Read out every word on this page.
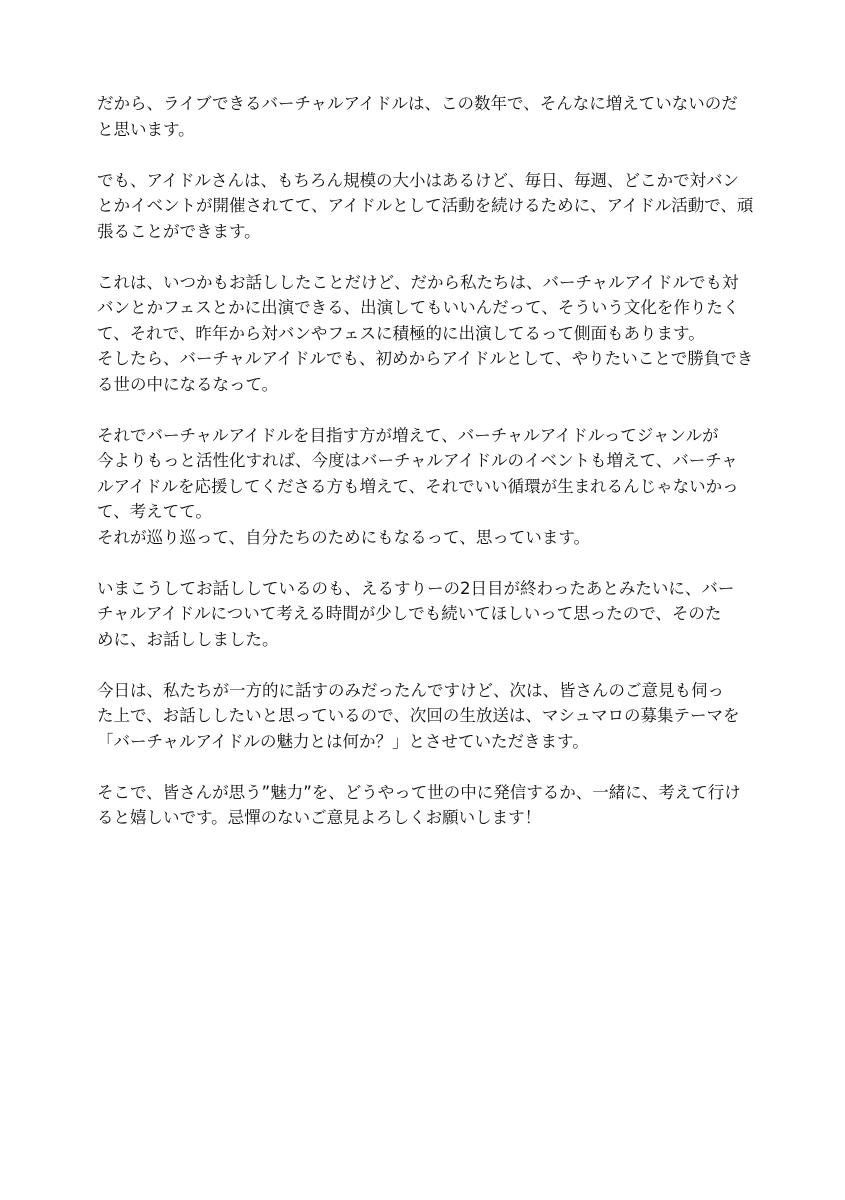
だから、ライブできるバーチャルアイドルは、この数年で、そんなに増えていないのだ
と思います。
でも、アイドルさんは、もちろん規模の大小はあるけど、毎日、毎週、どこかで対バン
とかイベントが開催されてて、アイドルとして活動を続けるために、アイドル活動で、頑
張ることができます。
これは、いつかもお話ししたことだけど、だから私たちは、バーチャルアイドルでも対
バンとかフェスとかに出演できる、出演してもいいんだって、そういう文化を作りたく
て、それで、昨年から対バンやフェスに積極的に出演してるって側面もあります。
そしたら、バーチャルアイドルでも、初めからアイドルとして、やりたいことで勝負でき
る世の中になるなって。
それでバーチャルアイドルを目指す方が増えて、バーチャルアイドルってジャンルが
今よりもっと活性化すれば、今度はバーチャルアイドルのイベントも増えて、バーチャ
ルアイドルを応援してくださる方も増えて、それでいい循環が生まれるんじゃないかっ
て、考えてて。
それが巡り巡って、自分たちのためにもなるって、思っています。
いまこうしてお話ししているのも、えるすりーの2日目が終わったあとみたいに、バー
チャルアイドルについて考える時間が少しでも続いてほしいって思ったので、そのた
めに、お話ししました。
今日は、私たちが一方的に話すのみだったんですけど、次は、皆さんのご意見も伺っ
た上で、お話ししたいと思っているので、次回の生放送は、マシュマロの募集テーマを
「バーチャルアイドルの魅力とは何か？」とさせていただきます。
そこで、皆さんが思う”魅力”を、どうやって世の中に発信するか、一緒に、考えて行け
ると嬉しいです。忌憚のないご意見よろしくお願いします！
